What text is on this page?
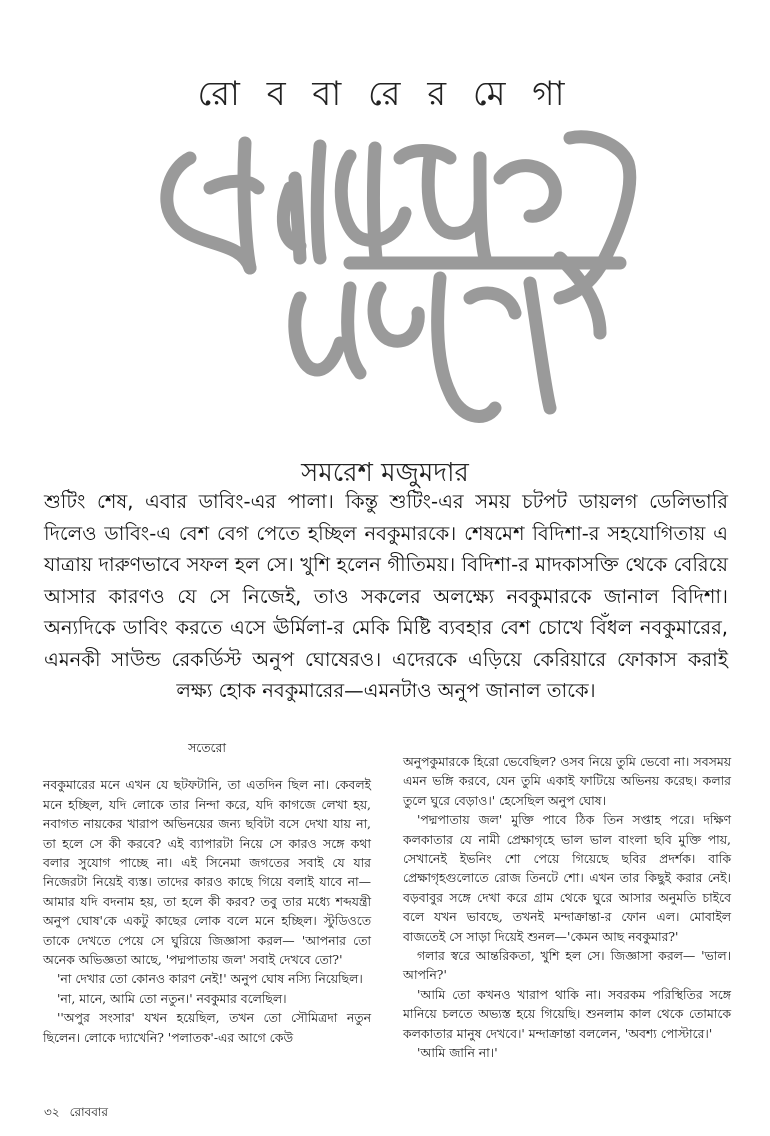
রো ব বা রে র মে গা
সমরেশ মজুমদার
শুটিং শেষ, এবার ডাবিং-এর পালা। কিন্তু শুটিং-এর সময় চটপট ডায়লগ ডেলিভারি দিলেও ডাবিং-এ বেশ বেগ পেতে হচ্ছিল নবকুমারকে। শেষমেশ বিদিশা-র সহযোগিতায় এ যাত্রায় দারুণভাবে সফল হল সে। খুশি হলেন গীতিময়। বিদিশা-র মাদকাসক্তি থেকে বেরিয়ে আসার কারণও যে সে নিজেই, তাও সকলের অলক্ষ্যে নবকুমারকে জানাল বিদিশা। অন্যদিকে ডাবিং করতে এসে ঊর্মিলা-র মেকি মিষ্টি ব্যবহার বেশ চোখে বিঁধল নবকুমারের, এমনকী সাউন্ড রেকর্ডিস্ট অনুপ ঘোষেরও। এদেরকে এড়িয়ে কেরিয়ারে ফোকাস করাই লক্ষ্য হোক নবকুমারের—এমনটাও অনুপ জানাল তাকে।
সতেরো

নবকুমারের মনে এখন যে ছটফটানি, তা এতদিন ছিল না। কেবলই মনে হচ্ছিল, যদি লোকে তার নিন্দা করে, যদি কাগজে লেখা হয়, নবাগত নায়কের খারাপ অভিনয়ের জন্য ছবিটা বসে দেখা যায় না, তা হলে সে কী করবে? এই ব্যাপারটা নিয়ে সে কারও সঙ্গে কথা বলার সুযোগ পাচ্ছে না। এই সিনেমা জগতের সবাই যে যার নিজেরটা নিয়েই ব্যস্ত। তাদের কারও কাছে গিয়ে বলাই যাবে না—আমার যদি বদনাম হয়, তা হলে কী করব? তবু তার মধ্যে শব্দযন্ত্রী অনুপ ঘোষ'কে একটু কাছের লোক বলে মনে হচ্ছিল। স্টুডিওতে তাকে দেখতে পেয়ে সে ঘুরিয়ে জিজ্ঞাসা করল— 'আপনার তো অনেক অভিজ্ঞতা আছে, 'পদ্মপাতায় জল' সবাই দেখবে তো?'

'না দেখার তো কোনও কারণ নেই!' অনুপ ঘোষ নস্যি নিয়েছিল।

'না, মানে, আমি তো নতুন।' নবকুমার বলেছিল।

''অপুর সংসার' যখন হয়েছিল, তখন তো সৌমিত্রদা নতুন ছিলেন। লোকে দ্যাখেনি? 'পলাতক'-এর আগে কেউ

অনুপকুমারকে হিরো ভেবেছিল? ওসব নিয়ে তুমি ভেবো না। সবসময় এমন ভঙ্গি করবে, যেন তুমি একাই ফাটিয়ে অভিনয় করেছ। কলার তুলে ঘুরে বেড়াও।' হেসেছিল অনুপ ঘোষ।

'পদ্মপাতায় জল' মুক্তি পাবে ঠিক তিন সপ্তাহ পরে। দক্ষিণ কলকাতার যে নামী প্রেক্ষাগৃহে ভাল ভাল বাংলা ছবি মুক্তি পায়, সেখানেই ইভনিং শো পেয়ে গিয়েছে ছবির প্রদর্শক। বাকি প্রেক্ষাগৃহগুলোতে রোজ তিনটে শো। এখন তার কিছুই করার নেই। বড়বাবুর সঙ্গে দেখা করে গ্রাম থেকে ঘুরে আসার অনুমতি চাইবে বলে যখন ভাবছে, তখনই মন্দাক্রান্তা-র ফোন এল। মোবাইল বাজতেই সে সাড়া দিয়েই শুনল—'কেমন আছ নবকুমার?'

গলার স্বরে আন্তরিকতা, খুশি হল সে। জিজ্ঞাসা করল— 'ভাল। আপনি?'

'আমি তো কখনও খারাপ থাকি না। সবরকম পরিস্থিতির সঙ্গে মানিয়ে চলতে অভ্যস্ত হয়ে গিয়েছি। শুনলাম কাল থেকে তোমাকে কলকাতার মানুষ দেখবে।' মন্দাক্রান্তা বললেন, 'অবশ্য পোস্টারে।'

'আমি জানি না।'

৩২ রোববার
